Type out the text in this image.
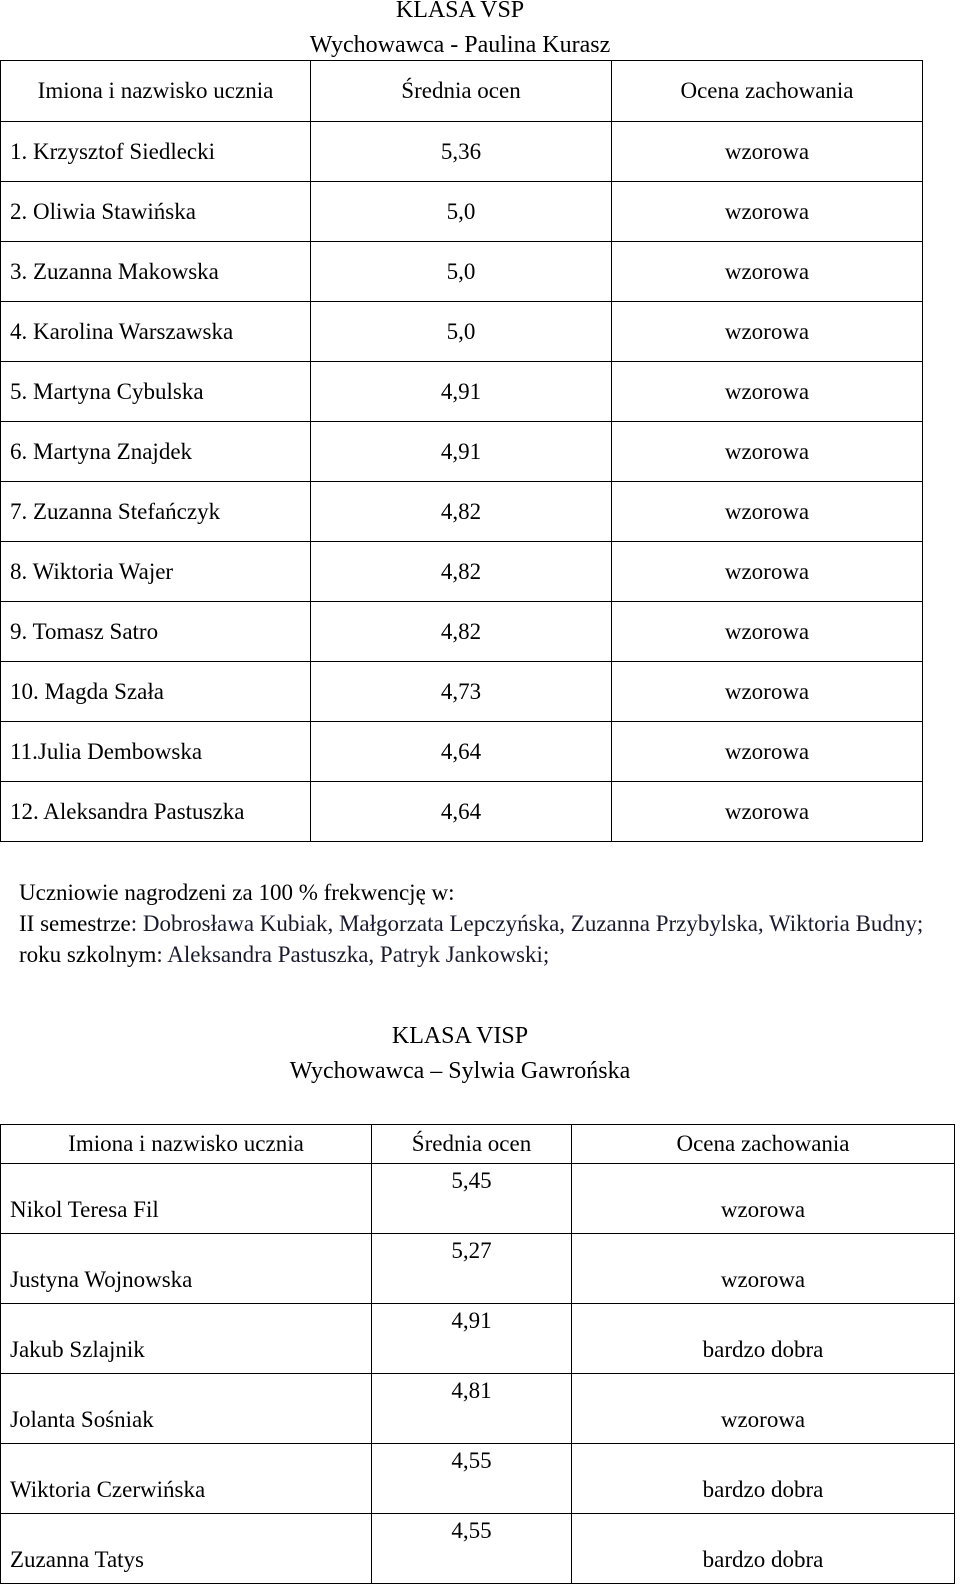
KLASA VSP
Wychowawca - Paulina Kurasz
Imiona i nazwisko ucznia	Średnia ocen	Ocena zachowania
1. Krzysztof Siedlecki	5,36	wzorowa
2. Oliwia Stawińska	5,0	wzorowa
3. Zuzanna Makowska	5,0	wzorowa
4. Karolina Warszawska	5,0	wzorowa
5. Martyna Cybulska	4,91	wzorowa
6. Martyna Znajdek	4,91	wzorowa
7. Zuzanna Stefańczyk	4,82	wzorowa
8. Wiktoria Wajer	4,82	wzorowa
9. Tomasz Satro	4,82	wzorowa
10. Magda Szała	4,73	wzorowa
11.Julia Dembowska	4,64	wzorowa
12. Aleksandra Pastuszka	4,64	wzorowa
Uczniowie nagrodzeni za 100 % frekwencję w:
II semestrze: Dobrosława Kubiak, Małgorzata Lepczyńska, Zuzanna Przybylska, Wiktoria Budny;
roku szkolnym: Aleksandra Pastuszka, Patryk Jankowski;
KLASA VISP
Wychowawca – Sylwia Gawrońska
Imiona i nazwisko ucznia	Średnia ocen	Ocena zachowania
Nikol Teresa Fil	5,45	wzorowa
Justyna Wojnowska	5,27	wzorowa
Jakub Szlajnik	4,91	bardzo dobra
Jolanta Sośniak	4,81	wzorowa
Wiktoria Czerwińska	4,55	bardzo dobra
Zuzanna Tatys	4,55	bardzo dobra
